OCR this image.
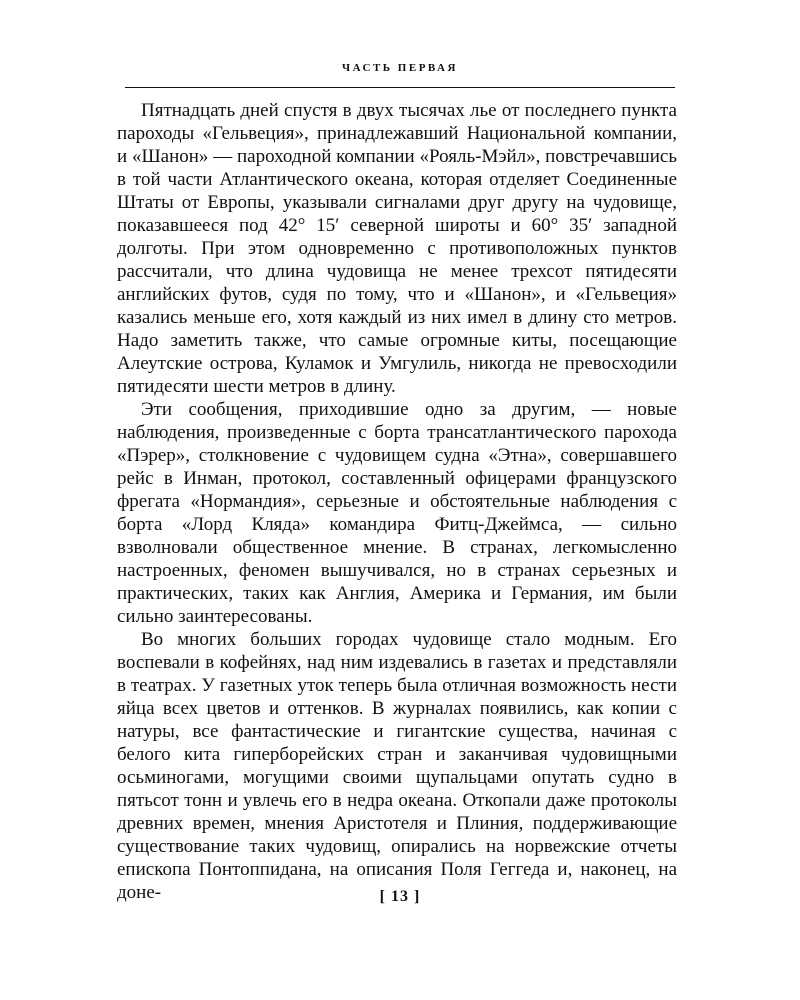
ЧАСТЬ ПЕРВАЯ

Пятнадцать дней спустя в двух тысячах лье от последнего пункта пароходы «Гельвеция», принадлежавший Национальной компании, и «Шанон» — пароходной компании «Рояль-Мэйл», повстречавшись в той части Атлантического океана, которая отделяет Соединенные Штаты от Европы, указывали сигналами друг другу на чудовище, показавшееся под 42° 15′ северной широты и 60° 35′ западной долготы. При этом одновременно с противоположных пунктов рассчитали, что длина чудовища не менее трехсот пятидесяти английских футов, судя по тому, что и «Шанон», и «Гельвеция» казались меньше его, хотя каждый из них имел в длину сто метров. Надо заметить также, что самые огромные киты, посещающие Алеутские острова, Куламок и Умгулиль, никогда не превосходили пятидесяти шести метров в длину.

Эти сообщения, приходившие одно за другим, — новые наблюдения, произведенные с борта трансатлантического парохода «Пэрер», столкновение с чудовищем судна «Этна», совершавшего рейс в Инман, протокол, составленный офицерами французского фрегата «Нормандия», серьезные и обстоятельные наблюдения с борта «Лорд Кляда» командира Фитц-Джеймса, — сильно взволновали общественное мнение. В странах, легкомысленно настроенных, феномен вышучивался, но в странах серьезных и практических, таких как Англия, Америка и Германия, им были сильно заинтересованы.

Во многих больших городах чудовище стало модным. Его воспевали в кофейнях, над ним издевались в газетах и представляли в театрах. У газетных уток теперь была отличная возможность нести яйца всех цветов и оттенков. В журналах появились, как копии с натуры, все фантастические и гигантские существа, начиная с белого кита гиперборейских стран и заканчивая чудовищными осьминогами, могущими своими щупальцами опутать судно в пятьсот тонн и увлечь его в недра океана. Откопали даже протоколы древних времен, мнения Аристотеля и Плиния, поддерживающие существование таких чудовищ, опирались на норвежские отчеты епископа Понтоппидана, на описания Поля Геггеда и, наконец, на доне-	[ 13 ]
